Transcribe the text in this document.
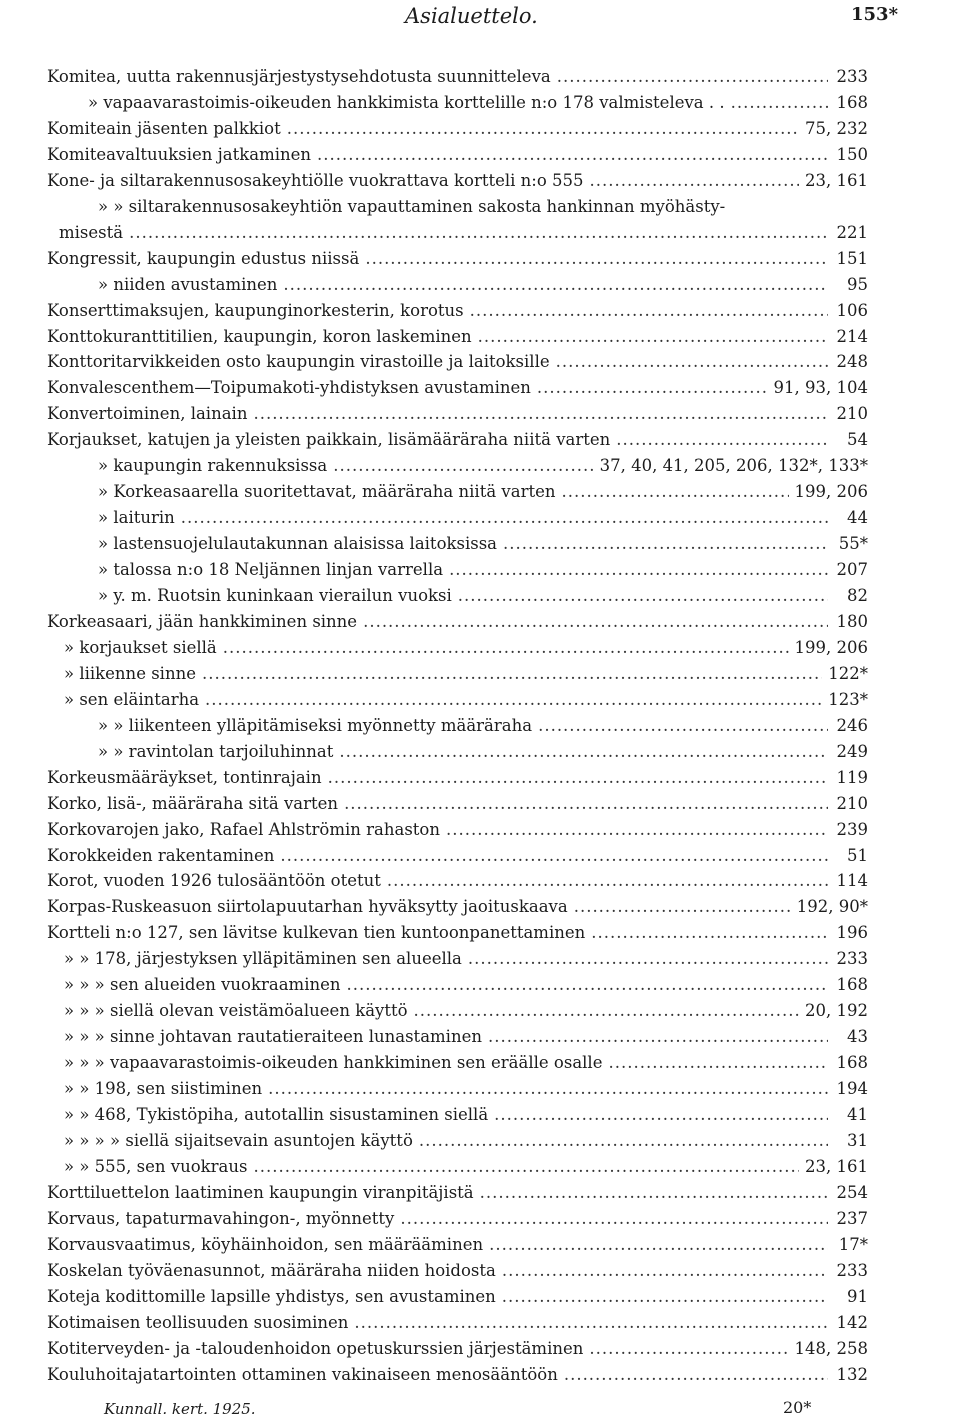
Asialuettelo.	153*
Komitea, uutta rakennusjärjestystysehdotusta suunnitteleva .....	233
» vapaavarastoimis-oikeuden hankkimista korttelille n:o 178 valmisteleva . . .....	168
Komiteain jäsenten palkkiot .....	75, 232
Komiteavaltuuksien jatkaminen .....	150
Kone- ja siltarakennusosakeyhtiölle vuokrattava kortteli n:o 555 .....	23, 161
» » siltarakennusosakeyhtiön vapauttaminen sakosta hankinnan myöhästy-
misestä .....	221
Kongressit, kaupungin edustus niissä .....	151
» niiden avustaminen .....	95
Konserttimaksujen, kaupunginorkesterin, korotus .....	106
Konttokuranttitilien, kaupungin, koron laskeminen .....	214
Konttoritarvikkeiden osto kaupungin virastoille ja laitoksille .....	248
Konvalescenthem—Toipumakoti-yhdistyksen avustaminen .....	91, 93, 104
Konvertoiminen, lainain .....	210
Korjaukset, katujen ja yleisten paikkain, lisämääräraha niitä varten .....	54
» kaupungin rakennuksissa .....	37, 40, 41, 205, 206, 132*, 133*
» Korkeasaarella suoritettavat, määräraha niitä varten .....	199, 206
» laiturin .....	44
» lastensuojelulautakunnan alaisissa laitoksissa .....	55*
» talossa n:o 18 Neljännen linjan varrella .....	207
» y. m. Ruotsin kuninkaan vierailun vuoksi .....	82
Korkeasaari, jään hankkiminen sinne .....	180
» korjaukset siellä .....	199, 206
» liikenne sinne .....	122*
» sen eläintarha .....	123*
» » liikenteen ylläpitämiseksi myönnetty määräraha .....	246
» » ravintolan tarjoiluhinnat .....	249
Korkeusmääräykset, tontinrajain .....	119
Korko, lisä-, määräraha sitä varten .....	210
Korkovarojen jako, Rafael Ahlströmin rahaston .....	239
Korokkeiden rakentaminen .....	51
Korot, vuoden 1926 tulosääntöön otetut .....	114
Korpas-Ruskeasuon siirtolapuutarhan hyväksytty jaoituskaava .....	192, 90*
Kortteli n:o 127, sen lävitse kulkevan tien kuntoonpanettaminen .....	196
» » 178, järjestyksen ylläpitäminen sen alueella .....	233
» » » sen alueiden vuokraaminen .....	168
» » » siellä olevan veistämöalueen käyttö .....	20, 192
» » » sinne johtavan rautatieraiteen lunastaminen .....	43
» » » vapaavarastoimis-oikeuden hankkiminen sen eräälle osalle .....	168
» » 198, sen siistiminen .....	194
» » 468, Tykistöpiha, autotallin sisustaminen siellä .....	41
» » » » siellä sijaitsevain asuntojen käyttö .....	31
» » 555, sen vuokraus .....	23, 161
Korttiluettelon laatiminen kaupungin viranpitäjistä .....	254
Korvaus, tapaturmavahingon-, myönnetty .....	237
Korvausvaatimus, köyhäinhoidon, sen määrääminen .....	17*
Koskelan työväenasunnot, määräraha niiden hoidosta .....	233
Koteja kodittomille lapsille yhdistys, sen avustaminen .....	91
Kotimaisen teollisuuden suosiminen .....	142
Kotiterveyden- ja -taloudenhoidon opetuskurssien järjestäminen .....	148, 258
Kouluhoitajatartointen ottaminen vakinaiseen menosääntöön .....	132
Kunnall. kert. 1925.	20*
